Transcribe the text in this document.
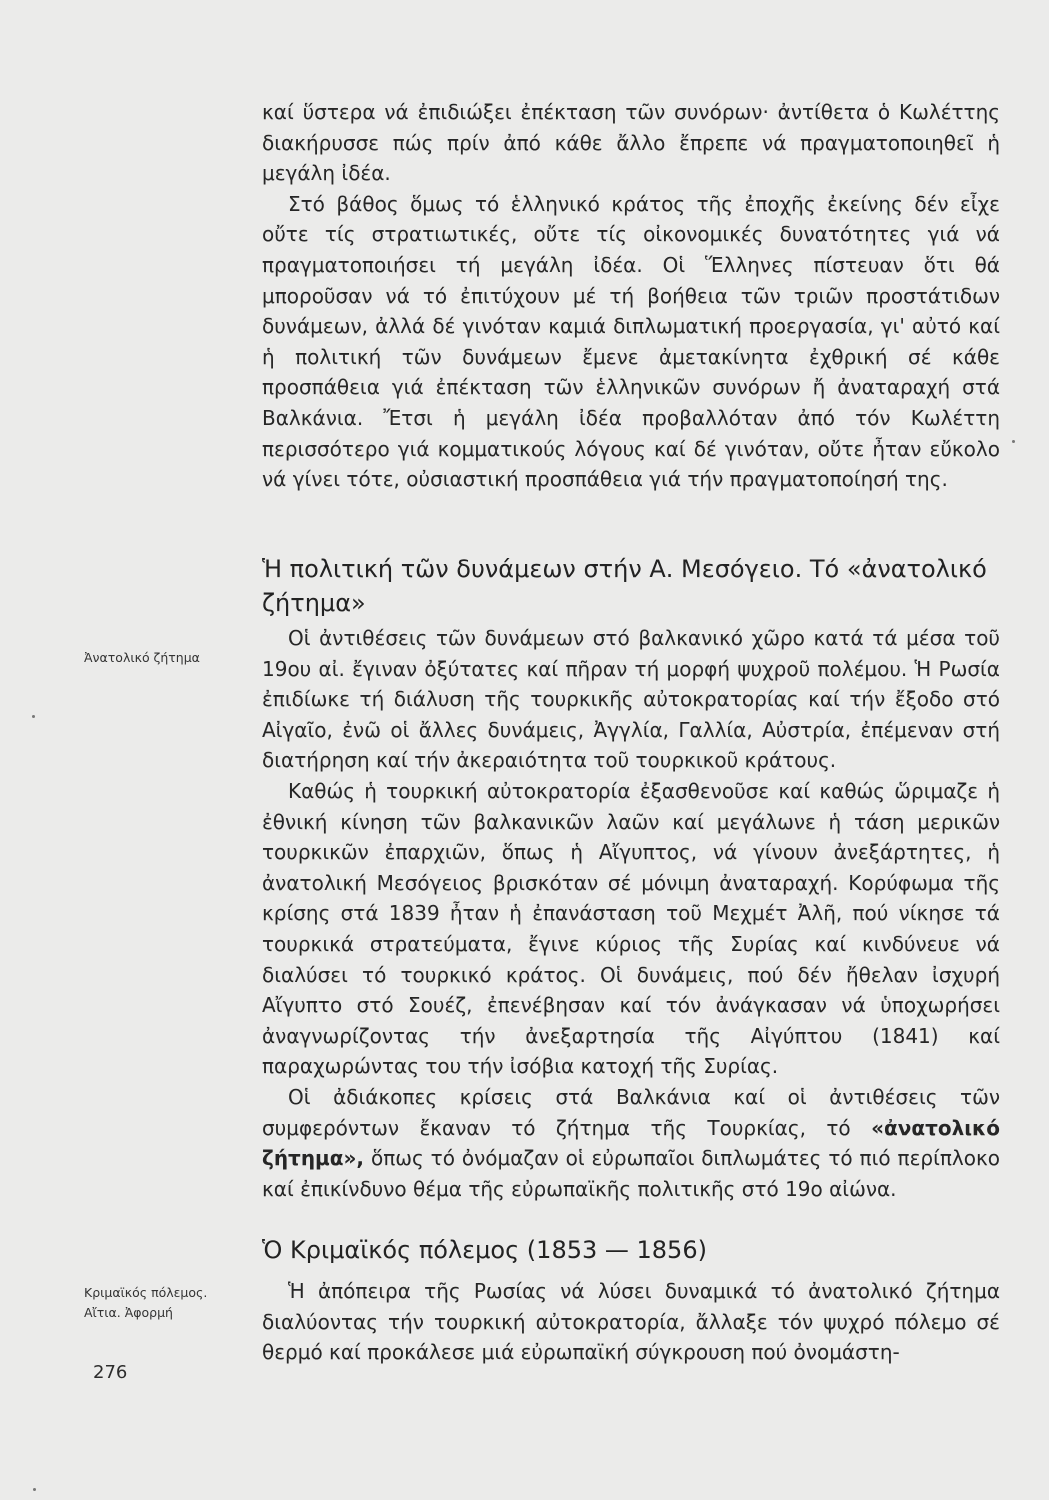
καί ὕστερα νά ἐπιδιώξει ἐπέκταση τῶν συνόρων· ἀντίθετα ὁ Κωλέττης διακήρυσσε πώς πρίν ἀπό κάθε ἄλλο ἔπρεπε νά πραγματοποιηθεῖ ἡ μεγάλη ἰδέα.

Στό βάθος ὅμως τό ἑλληνικό κράτος τῆς ἐποχῆς ἐκείνης δέν εἶχε οὔτε τίς στρατιωτικές, οὔτε τίς οἰκονομικές δυνατότητες γιά νά πραγματοποιήσει τή μεγάλη ἰδέα. Οἱ Ἕλληνες πίστευαν ὅτι θά μποροῦσαν νά τό ἐπιτύχουν μέ τή βοήθεια τῶν τριῶν προστάτιδων δυνάμεων, ἀλλά δέ γινόταν καμιά διπλωματική προεργασία, γι' αὐτό καί ἡ πολιτική τῶν δυνάμεων ἔμενε ἀμετακίνητα ἐχθρική σέ κάθε προσπάθεια γιά ἐπέκταση τῶν ἑλληνικῶν συνόρων ἤ ἀναταραχή στά Βαλκάνια. Ἔτσι ἡ μεγάλη ἰδέα προβαλλόταν ἀπό τόν Κωλέττη περισσότερο γιά κομματικούς λόγους καί δέ γινόταν, οὔτε ἦταν εὔκολο νά γίνει τότε, οὐσιαστική προσπάθεια γιά τήν πραγματοποίησή της.

Ἡ πολιτική τῶν δυνάμεων στήν Α. Μεσόγειο. Τό «ἀνατολικό ζήτημα»
Ἀνατολικό ζήτημα

Οἱ ἀντιθέσεις τῶν δυνάμεων στό βαλκανικό χῶρο κατά τά μέσα τοῦ 19ου αἰ. ἔγιναν ὀξύτατες καί πῆραν τή μορφή ψυχροῦ πολέμου. Ἡ Ρωσία ἐπιδίωκε τή διάλυση τῆς τουρκικῆς αὐτοκρατορίας καί τήν ἔξοδο στό Αἰγαῖο, ἐνῶ οἱ ἄλλες δυνάμεις, Ἀγγλία, Γαλλία, Αὐστρία, ἐπέμεναν στή διατήρηση καί τήν ἀκεραιότητα τοῦ τουρκικοῦ κράτους.

Καθώς ἡ τουρκική αὐτοκρατορία ἐξασθενοῦσε καί καθώς ὥριμαζε ἡ ἐθνική κίνηση τῶν βαλκανικῶν λαῶν καί μεγάλωνε ἡ τάση μερικῶν τουρκικῶν ἐπαρχιῶν, ὅπως ἡ Αἴγυπτος, νά γίνουν ἀνεξάρτητες, ἡ ἀνατολική Μεσόγειος βρισκόταν σέ μόνιμη ἀναταραχή. Κορύφωμα τῆς κρίσης στά 1839 ἦταν ἡ ἐπανάσταση τοῦ Μεχμέτ Ἀλῆ, πού νίκησε τά τουρκικά στρατεύματα, ἔγινε κύριος τῆς Συρίας καί κινδύνευε νά διαλύσει τό τουρκικό κράτος. Οἱ δυνάμεις, πού δέν ἤθελαν ἰσχυρή Αἴγυπτο στό Σουέζ, ἐπενέβησαν καί τόν ἀνάγκασαν νά ὑποχωρήσει ἀναγνωρίζοντας τήν ἀνεξαρτησία τῆς Αἰγύπτου (1841) καί παραχωρώντας του τήν ἰσόβια κατοχή τῆς Συρίας.

Οἱ ἀδιάκοπες κρίσεις στά Βαλκάνια καί οἱ ἀντιθέσεις τῶν συμφερόντων ἔκαναν τό ζήτημα τῆς Τουρκίας, τό «ἀνατολικό ζήτημα», ὅπως τό ὀνόμαζαν οἱ εὐρωπαῖοι διπλωμάτες τό πιό περίπλοκο καί ἐπικίνδυνο θέμα τῆς εὐρωπαϊκῆς πολιτικῆς στό 19ο αἰώνα.

Ὁ Κριμαϊκός πόλεμος (1853 — 1856)
Κριμαϊκός πόλεμος.
Αἴτια. Ἀφορμή

Ἡ ἀπόπειρα τῆς Ρωσίας νά λύσει δυναμικά τό ἀνατολικό ζήτημα διαλύοντας τήν τουρκική αὐτοκρατορία, ἄλλαξε τόν ψυχρό πόλεμο σέ θερμό καί προκάλεσε μιά εὐρωπαϊκή σύγκρουση πού ὀνομάστη-

276
